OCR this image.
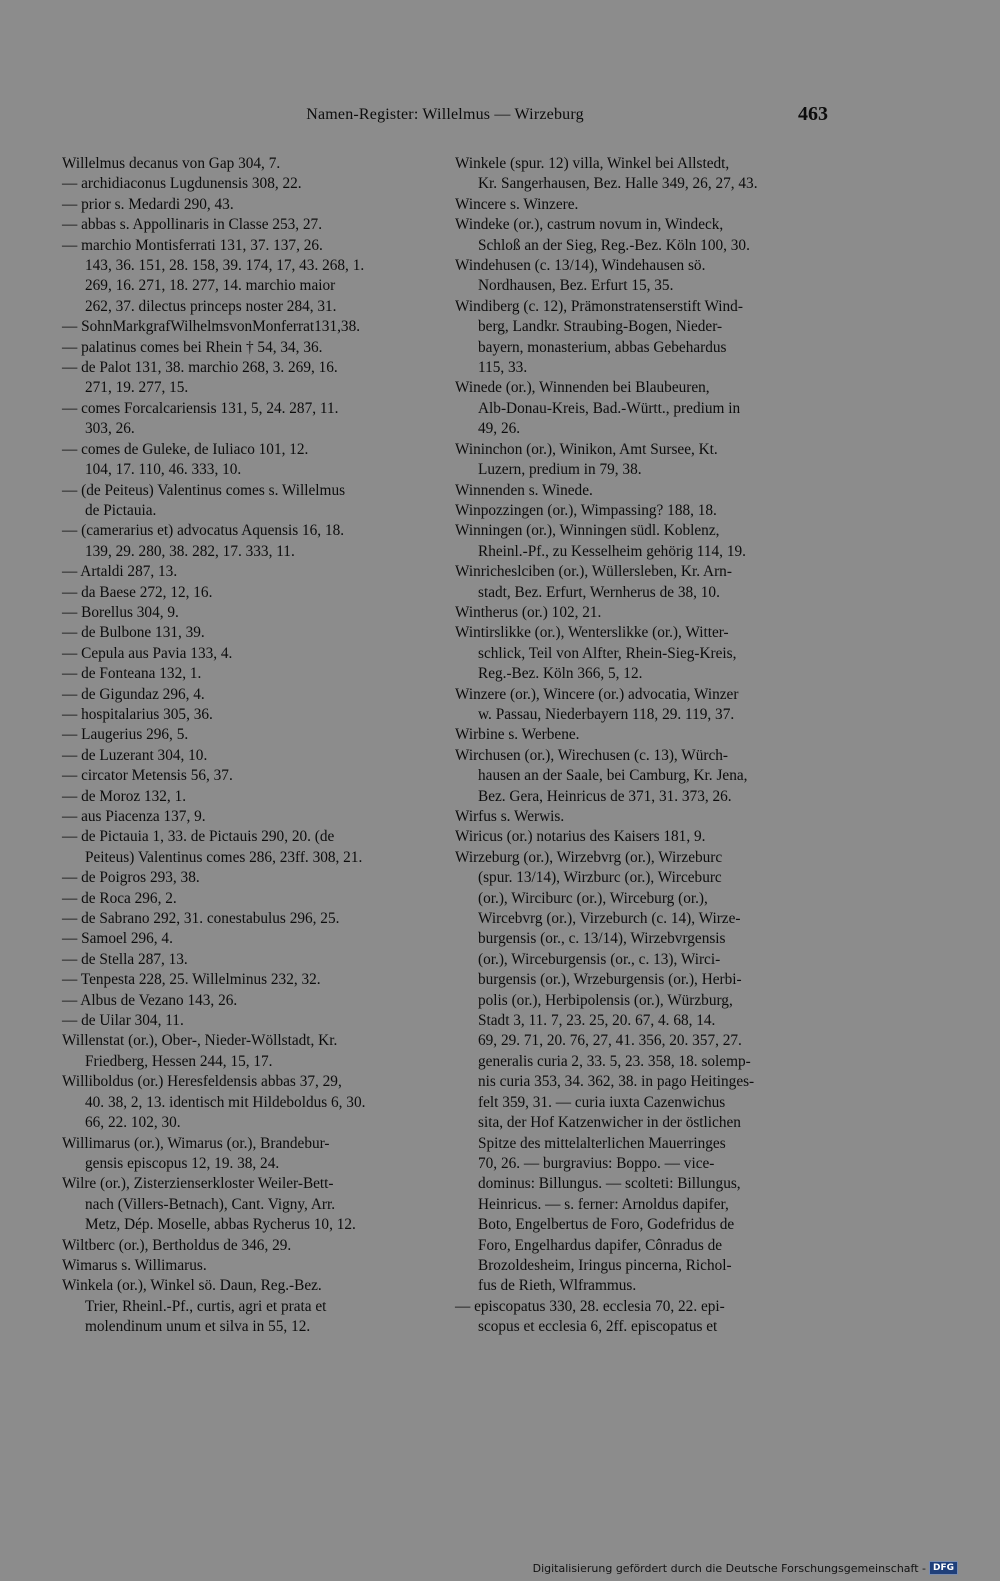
Namen-Register: Willelmus — Wirzeburg	463
Willelmus decanus von Gap 304, 7.
— archidiaconus Lugdunensis 308, 22.
— prior s. Medardi 290, 43.
— abbas s. Appollinaris in Classe 253, 27.
— marchio Montisferrati 131, 37. 137, 26.
143, 36. 151, 28. 158, 39. 174, 17, 43. 268, 1.
269, 16. 271, 18. 277, 14. marchio maior
262, 37. dilectus princeps noster 284, 31.
— SohnMarkgrafWilhelmsvonMonferrat131,38.
— palatinus comes bei Rhein † 54, 34, 36.
— de Palot 131, 38. marchio 268, 3. 269, 16.
271, 19. 277, 15.
— comes Forcalcariensis 131, 5, 24. 287, 11.
303, 26.
— comes de Guleke, de Iuliaco 101, 12.
104, 17. 110, 46. 333, 10.
— (de Peiteus) Valentinus comes s. Willelmus
de Pictauia.
— (camerarius et) advocatus Aquensis 16, 18.
139, 29. 280, 38. 282, 17. 333, 11.
— Artaldi 287, 13.
— da Baese 272, 12, 16.
— Borellus 304, 9.
— de Bulbone 131, 39.
— Cepula aus Pavia 133, 4.
— de Fonteana 132, 1.
— de Gigundaz 296, 4.
— hospitalarius 305, 36.
— Laugerius 296, 5.
— de Luzerant 304, 10.
— circator Metensis 56, 37.
— de Moroz 132, 1.
— aus Piacenza 137, 9.
— de Pictauia 1, 33. de Pictauis 290, 20. (de
Peiteus) Valentinus comes 286, 23ff. 308, 21.
— de Poigros 293, 38.
— de Roca 296, 2.
— de Sabrano 292, 31. conestabulus 296, 25.
— Samoel 296, 4.
— de Stella 287, 13.
— Tenpesta 228, 25. Willelminus 232, 32.
— Albus de Vezano 143, 26.
— de Uilar 304, 11.
Willenstat (or.), Ober-, Nieder-Wöllstadt, Kr.
Friedberg, Hessen 244, 15, 17.
Williboldus (or.) Heresfeldensis abbas 37, 29,
40. 38, 2, 13. identisch mit Hildeboldus 6, 30.
66, 22. 102, 30.
Willimarus (or.), Wimarus (or.), Brandebur-
gensis episcopus 12, 19. 38, 24.
Wilre (or.), Zisterzienserkloster Weiler-Bett-
nach (Villers-Betnach), Cant. Vigny, Arr.
Metz, Dép. Moselle, abbas Rycherus 10, 12.
Wiltberc (or.), Bertholdus de 346, 29.
Wimarus s. Willimarus.
Winkela (or.), Winkel sö. Daun, Reg.-Bez.
Trier, Rheinl.-Pf., curtis, agri et prata et
molendinum unum et silva in 55, 12.
Winkele (spur. 12) villa, Winkel bei Allstedt,
Kr. Sangerhausen, Bez. Halle 349, 26, 27, 43.
Wincere s. Winzere.
Windeke (or.), castrum novum in, Windeck,
Schloß an der Sieg, Reg.-Bez. Köln 100, 30.
Windehusen (c. 13/14), Windehausen sö.
Nordhausen, Bez. Erfurt 15, 35.
Windiberg (c. 12), Prämonstratenserstift Wind-
berg, Landkr. Straubing-Bogen, Nieder-
bayern, monasterium, abbas Gebehardus
115, 33.
Winede (or.), Winnenden bei Blaubeuren,
Alb-Donau-Kreis, Bad.-Württ., predium in
49, 26.
Wininchon (or.), Winikon, Amt Sursee, Kt.
Luzern, predium in 79, 38.
Winnenden s. Winede.
Winpozzingen (or.), Wimpassing? 188, 18.
Winningen (or.), Winningen südl. Koblenz,
Rheinl.-Pf., zu Kesselheim gehörig 114, 19.
Winricheslciben (or.), Wüllersleben, Kr. Arn-
stadt, Bez. Erfurt, Wernherus de 38, 10.
Wintherus (or.) 102, 21.
Wintirslikke (or.), Wenterslikke (or.), Witter-
schlick, Teil von Alfter, Rhein-Sieg-Kreis,
Reg.-Bez. Köln 366, 5, 12.
Winzere (or.), Wincere (or.) advocatia, Winzer
w. Passau, Niederbayern 118, 29. 119, 37.
Wirbine s. Werbene.
Wirchusen (or.), Wirechusen (c. 13), Würch-
hausen an der Saale, bei Camburg, Kr. Jena,
Bez. Gera, Heinricus de 371, 31. 373, 26.
Wirfus s. Werwis.
Wiricus (or.) notarius des Kaisers 181, 9.
Wirzeburg (or.), Wirzebvrg (or.), Wirzeburc
(spur. 13/14), Wirzburc (or.), Wirceburc
(or.), Wirciburc (or.), Wirceburg (or.),
Wircebvrg (or.), Virzeburch (c. 14), Wirze-
burgensis (or., c. 13/14), Wirzebvrgensis
(or.), Wirceburgensis (or., c. 13), Wirci-
burgensis (or.), Wrzeburgensis (or.), Herbi-
polis (or.), Herbipolensis (or.), Würzburg,
Stadt 3, 11. 7, 23. 25, 20. 67, 4. 68, 14.
69, 29. 71, 20. 76, 27, 41. 356, 20. 357, 27.
generalis curia 2, 33. 5, 23. 358, 18. solemp-
nis curia 353, 34. 362, 38. in pago Heitinges-
felt 359, 31. — curia iuxta Cazenwichus
sita, der Hof Katzenwicher in der östlichen
Spitze des mittelalterlichen Mauerringes
70, 26. — burgravius: Boppo. — vice-
dominus: Billungus. — scolteti: Billungus,
Heinricus. — s. ferner: Arnoldus dapifer,
Boto, Engelbertus de Foro, Godefridus de
Foro, Engelhardus dapifer, Cônradus de
Brozoldesheim, Iringus pincerna, Richol-
fus de Rieth, Wlframmus.
— episcopatus 330, 28. ecclesia 70, 22. epi-
scopus et ecclesia 6, 2ff. episcopatus et
Digitalisierung gefördert durch die Deutsche Forschungsgemeinschaft - DFG
